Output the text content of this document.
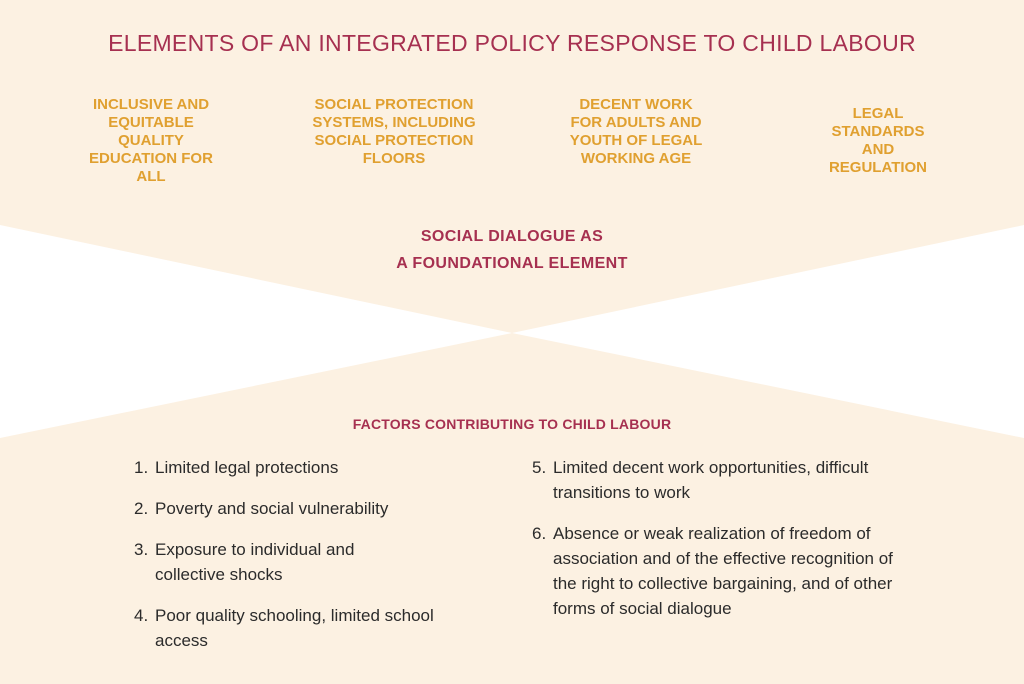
ELEMENTS OF AN INTEGRATED POLICY RESPONSE TO CHILD LABOUR
INCLUSIVE AND EQUITABLE QUALITY EDUCATION FOR ALL
SOCIAL PROTECTION SYSTEMS, INCLUDING SOCIAL PROTECTION FLOORS
DECENT WORK FOR ADULTS AND YOUTH OF LEGAL WORKING AGE
LEGAL STANDARDS AND REGULATION
SOCIAL DIALOGUE AS
A FOUNDATIONAL ELEMENT
FACTORS CONTRIBUTING TO CHILD LABOUR
1. Limited legal protections
2. Poverty and social vulnerability
3. Exposure to individual and collective shocks
4. Poor quality schooling, limited school access
5. Limited decent work opportunities, difficult transitions to work
6. Absence or weak realization of freedom of association and of the effective recognition of the right to collective bargaining, and of other forms of social dialogue
